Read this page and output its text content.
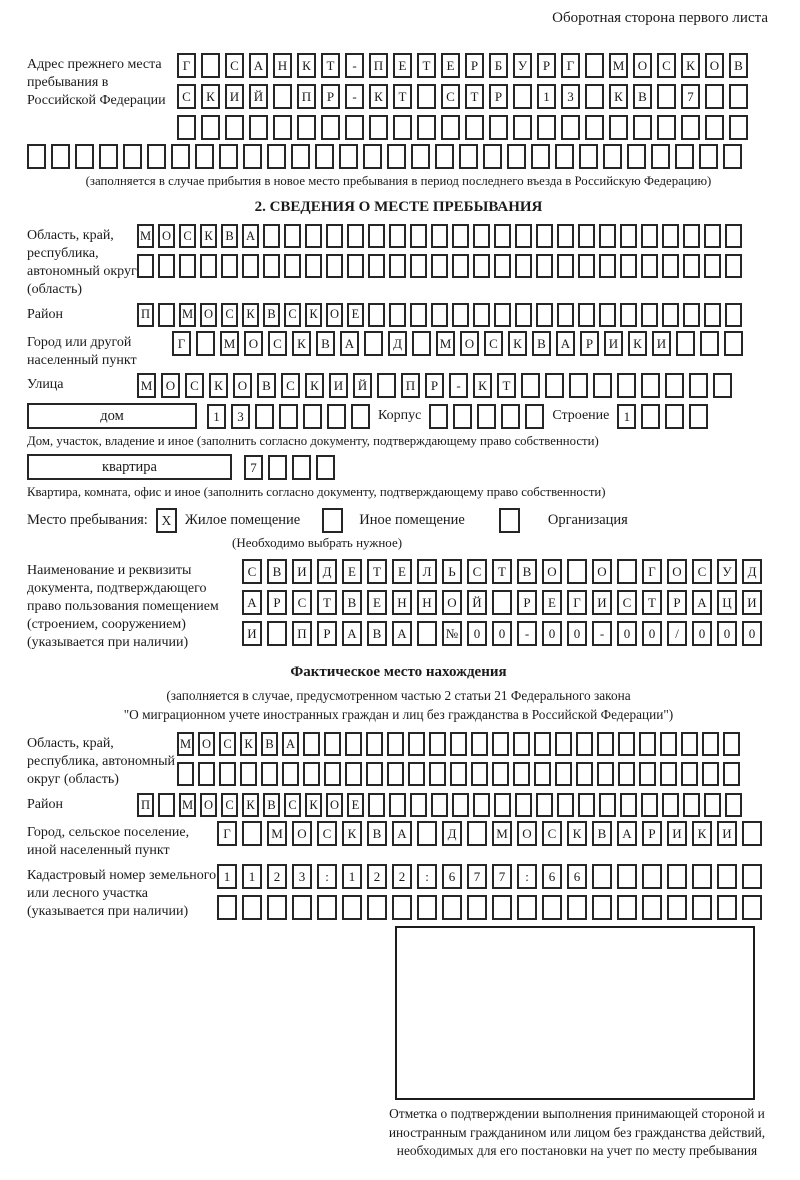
Оборотная сторона первого листа
Адрес прежнего места пребывания в Российской Федерации
Г	С	А	Н	К	Т	-	П	Е	Т	Е	Р	Б	У	Р	Г	М	О	С	К	О	В
С	К	И	Й	П	Р	-	К	Т	С	Т	Р	1	3	К	В	7
(заполняется в случае прибытия в новое место пребывания в период последнего въезда в Российскую Федерацию)
2. СВЕДЕНИЯ О МЕСТЕ ПРЕБЫВАНИЯ
Область, край, республика, автономный округ (область)
М О С	К	В А
Район	П	М О С	К	В	С	К О	Е
Город или другой населенный пункт
Г	М	О	С	К	В	А	Д	М	О	С	К	В	А	Р	И	К	И
Улица	М	О	С	К	О	В	С	К	И	Й	П	Р	-	К	Т
дом	1	3	Корпус	Строение	1
Дом, участок, владение и иное (заполнить согласно документу, подтверждающему право собственности)
квартира	7
Квартира, комната, офис и иное (заполнить согласно документу, подтверждающему право собственности)
Место пребывания:	X Жилое помещение	Иное помещение	Организация
(Необходимо выбрать нужное)
Наименование и реквизиты документа, подтверждающего право пользования помещением (строением, сооружением) (указывается при наличии)
С	В	И	Д	Е	Т	Е	Л	Ь	С	Т	В	О	О	Г	О	С	У	Д
А	Р	С	Т	В	Е	Н	Н	О	Й	Р	Е	Г	И	С	Т	Р	А	Ц	И
И	П	Р	А	В	А	№	0	0	-	0	0	-	0	0	/	0	0	0
Фактическое место нахождения
(заполняется в случае, предусмотренном частью 2 статьи 21 Федерального закона
"О миграционном учете иностранных граждан и лиц без гражданства в Российской Федерации")
Область, край, республика, автономный округ (область)
М О С	К	В А
Район	П	М О С	К	В	С	К О	Е
Город, сельское поселение, иной населенный пункт
Г	М	О	С	К	В	А	Д	М	О	С	К	В	А	Р	И	К	И
Кадастровый номер земельного или лесного участка (указывается при наличии)
1	1	2	3	:	1	2	2	:	6	7	7	:	6	6
Отметка о подтверждении выполнения принимающей стороной и иностранным гражданином или лицом без гражданства действий, необходимых для его постановки на учет по месту пребывания
